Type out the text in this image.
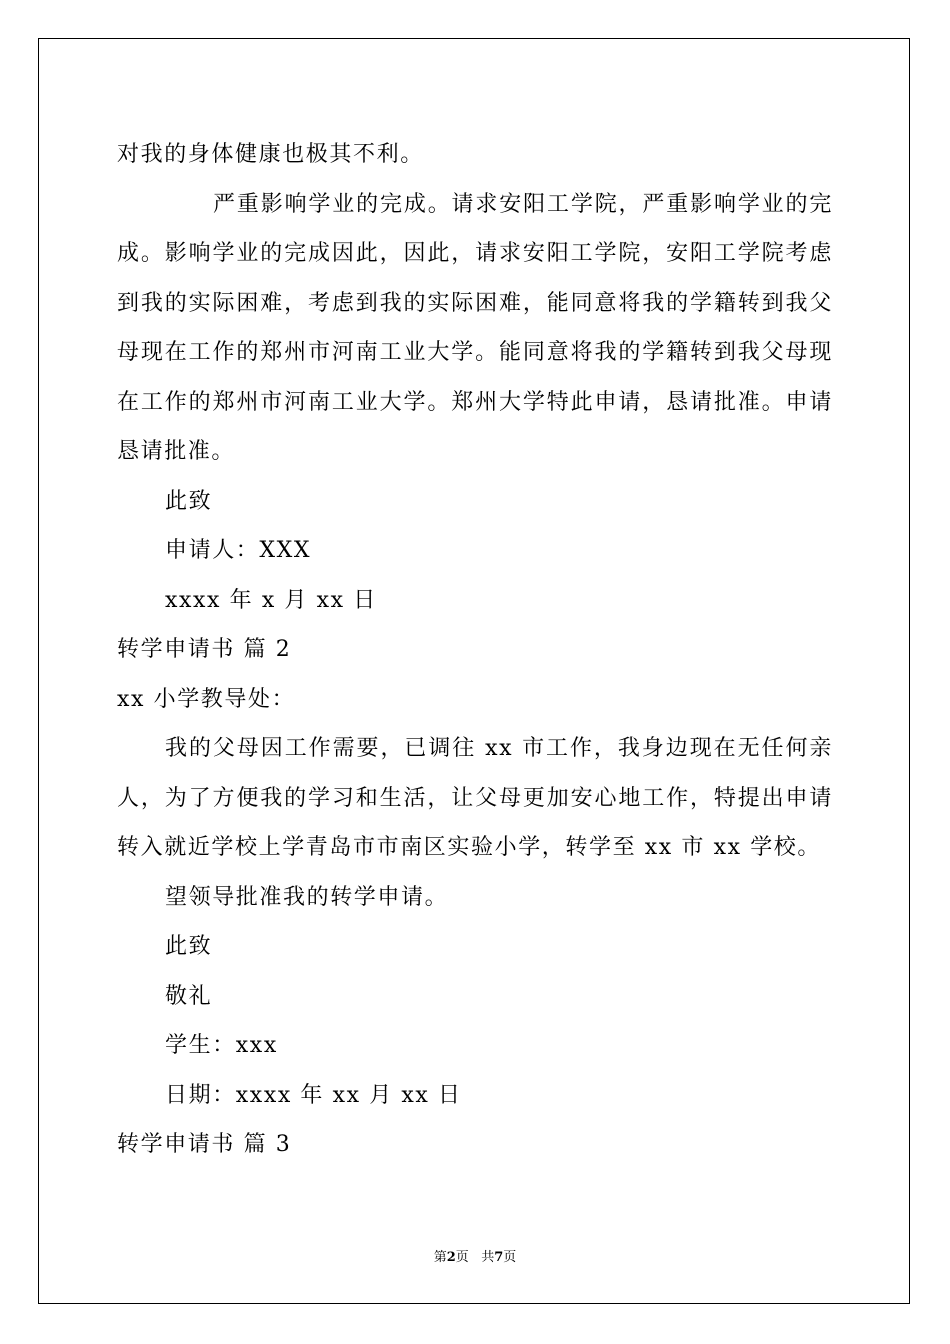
对我的身体健康也极其不利。

严重影响学业的完成。请求安阳工学院，严重影响学业的完成。影响学业的完成因此，因此，请求安阳工学院，安阳工学院考虑到我的实际困难，考虑到我的实际困难，能同意将我的学籍转到我父母现在工作的郑州市河南工业大学。能同意将我的学籍转到我父母现在工作的郑州市河南工业大学。郑州大学特此申请，恳请批准。申请恳请批准。

此致

申请人：XXX

xxxx 年 x 月 xx 日

转学申请书 篇 2

xx 小学教导处：

我的父母因工作需要，已调往 xx 市工作，我身边现在无任何亲人，为了方便我的学习和生活，让父母更加安心地工作，特提出申请转入就近学校上学青岛市市南区实验小学，转学至 xx 市 xx 学校。

望领导批准我的转学申请。

此致

敬礼

学生：xxx

日期：xxxx 年 xx 月 xx 日

转学申请书 篇 3

第2页 共7页
